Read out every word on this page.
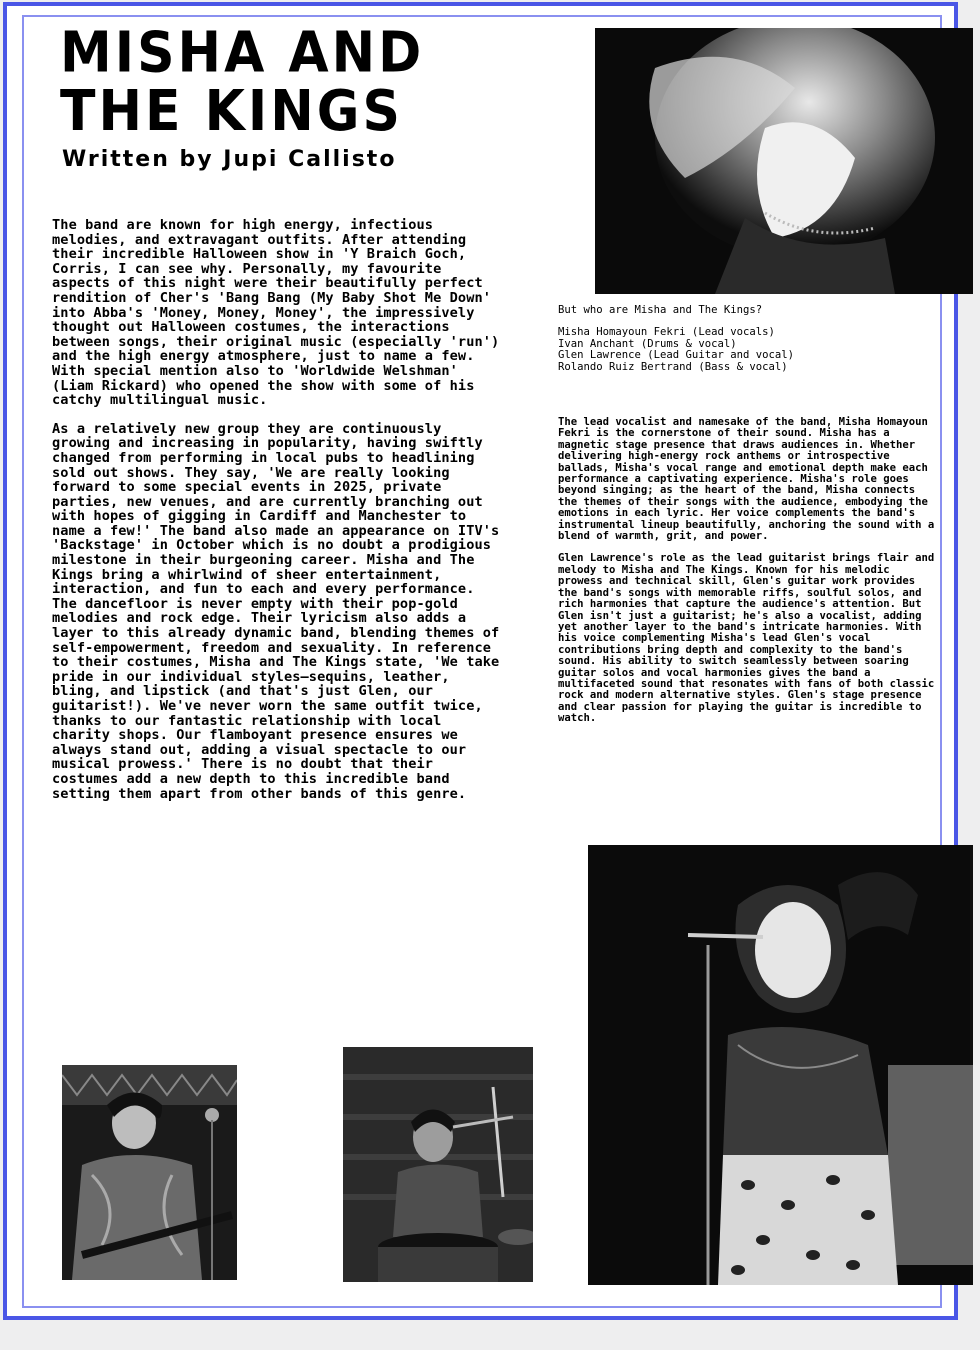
MISHA AND
THE KINGS

Written by Jupi Callisto

The band are known for high energy, infectious melodies, and extravagant outfits. After attending their incredible Halloween show in 'Y Braich Goch, Corris, I can see why. Personally, my favourite aspects of this night were their beautifully perfect rendition of Cher's 'Bang Bang (My Baby Shot Me Down' into Abba's 'Money, Money, Money', the impressively thought out Halloween costumes, the interactions between songs, their original music (especially 'run') and the high energy atmosphere, just to name a few. With special mention also to 'Worldwide Welshman' (Liam Rickard) who opened the show with some of his catchy multilingual music.

As a relatively new group they are continuously growing and increasing in popularity, having swiftly changed from performing in local pubs to headlining sold out shows. They say, 'We are really looking forward to some special events in 2025, private parties, new venues, and are currently branching out with hopes of gigging in Cardiff and Manchester to name a few!' The band also made an appearance on ITV's 'Backstage' in October which is no doubt a prodigious milestone in their burgeoning career. Misha and The Kings bring a whirlwind of sheer entertainment, interaction, and fun to each and every performance. The dancefloor is never empty with their pop-gold melodies and rock edge. Their lyricism also adds a layer to this already dynamic band, blending themes of self-empowerment, freedom and sexuality. In reference to their costumes, Misha and The Kings state, 'We take pride in our individual styles—sequins, leather, bling, and lipstick (and that's just Glen, our guitarist!). We've never worn the same outfit twice, thanks to our fantastic relationship with local charity shops. Our flamboyant presence ensures we always stand out, adding a visual spectacle to our musical prowess.' There is no doubt that their costumes add a new depth to this incredible band setting them apart from other bands of this genre.

But who are Misha and The Kings?

Misha Homayoun Fekri (Lead vocals)
Ivan Anchant (Drums & vocal)
Glen Lawrence (Lead Guitar and vocal)
Rolando Ruiz Bertrand (Bass & vocal)

The lead vocalist and namesake of the band, Misha Homayoun Fekri is the cornerstone of their sound. Misha has a magnetic stage presence that draws audiences in. Whether delivering high-energy rock anthems or introspective ballads, Misha's vocal range and emotional depth make each performance a captivating experience. Misha's role goes beyond singing; as the heart of the band, Misha connects the themes of their songs with the audience, embodying the emotions in each lyric. Her voice complements the band's instrumental lineup beautifully, anchoring the sound with a blend of warmth, grit, and power.

Glen Lawrence's role as the lead guitarist brings flair and melody to Misha and The Kings. Known for his melodic prowess and technical skill, Glen's guitar work provides the band's songs with memorable riffs, soulful solos, and rich harmonies that capture the audience's attention. But Glen isn't just a guitarist; he's also a vocalist, adding yet another layer to the band's intricate harmonies. With his voice complementing Misha's lead Glen's vocal contributions bring depth and complexity to the band's sound. His ability to switch seamlessly between soaring guitar solos and vocal harmonies gives the band a multifaceted sound that resonates with fans of both classic rock and modern alternative styles. Glen's stage presence and clear passion for playing the guitar is incredible to watch.
